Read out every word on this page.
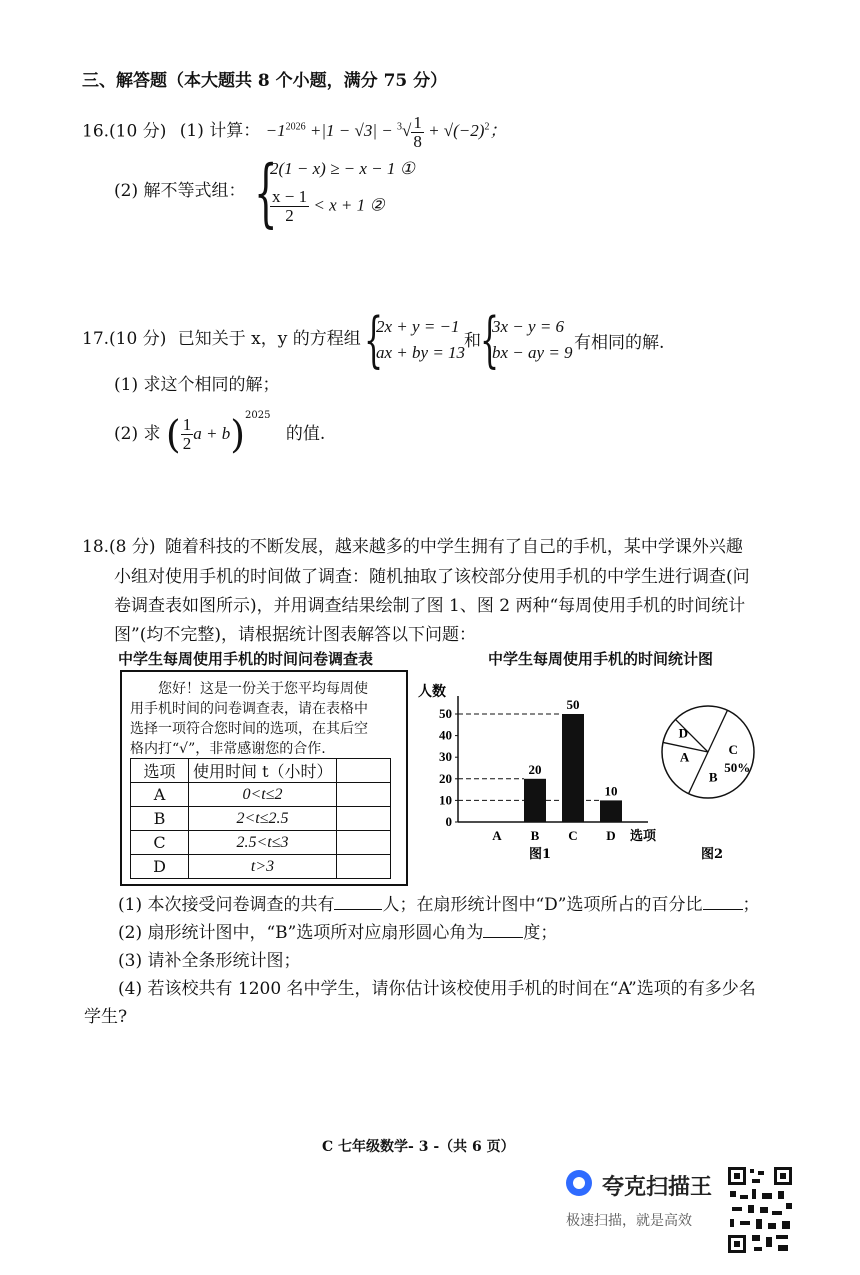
三、解答题（本大题共 8 个小题，满分 75 分）
16.(10 分) (1) 计算： $-1^{2026} +|1 - √3| - ^3√ \frac{1}{8} + √(-2)^2$；
(2) 解不等式组： {
2(1 − x) ≥ − x − 1 ①
$\frac{x - 1}{2} < x + 1$ ②
17.(10 分) 已知关于 x，y 的方程组 {
2x + y = −1
ax + by = 13
和 {
3x − y = 6
bx − ay = 9 有相同的解.
(1) 求这个相同的解；
(2) 求 ( $\frac{1}{2}$ a + b)$^{2025}$ 的值.
18.(8 分) 随着科技的不断发展，越来越多的中学生拥有了自己的手机，某中学课外兴趣
小组对使用手机的时间做了调查：随机抽取了该校部分使用手机的中学生进行调查(问
卷调查表如图所示)，并用调查结果绘制了图 1、图 2 两种“每周使用手机的时间统计
图”(均不完整)，请根据统计图表解答以下问题：
中学生每周使用手机的时间问卷调查表	中学生每周使用手机的时间统计图
您好！这是一份关于您平均每周使
用手机时间的问卷调查表，请在表格中
选择一项符合您时间的选项，在其后空
格内打“√”，非常感谢您的合作.
选项	使用时间 t（小时）	
A	0<t≤2	
B	2<t≤2.5	
C	2.5<t≤3	
D	t>3	
人数
选项
0
10
20
30
40
50
A B
20
C
50
D
10
图1
C
50%
A
B
D
图2
(1) 本次接受问卷调查的共有	人；在扇形统计图中“D”选项所占的百分比 ；
(2) 扇形统计图中，“B”选项所对应扇形圆心角为 度；
(3) 请补全条形统计图；
(4) 若该校共有 1200 名中学生，请你估计该校使用手机的时间在“A”选项的有多少名
学生?
C 七年级数学- 3 -（共 6 页）
夸克扫描王
极速扫描，就是高效
